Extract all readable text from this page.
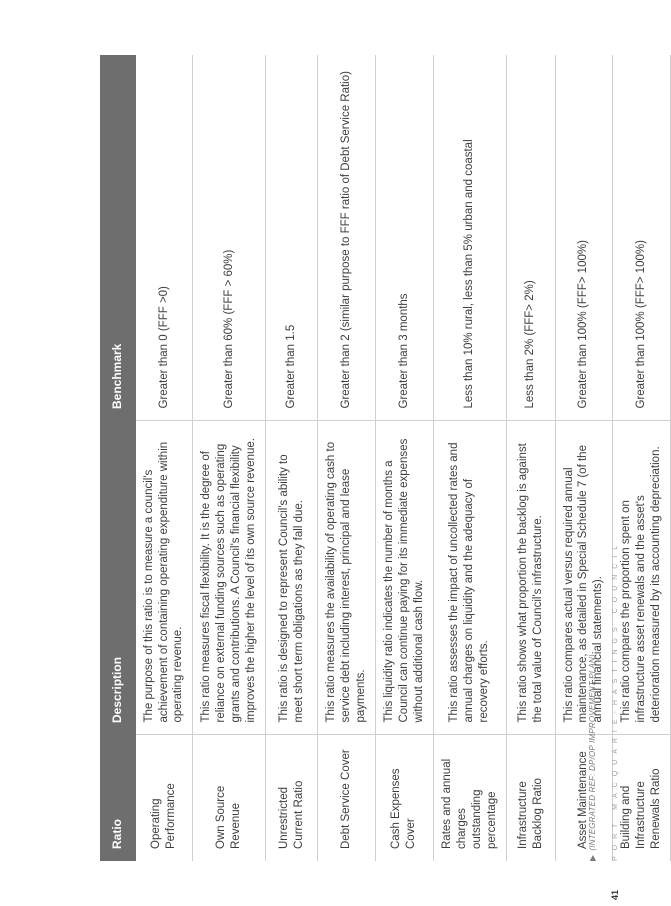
Ratio	Description	Benchmark
Operating Performance	The purpose of this ratio is to measure a council's achievement of containing operating expenditure within operating revenue.	Greater than 0 (FFF >0)
Own Source Revenue	This ratio measures fiscal flexibility. It is the degree of reliance on external funding sources such as operating grants and contributions. A Council's financial flexibility improves the higher the level of its own source revenue.	Greater than 60% (FFF > 60%)
Unrestricted Current Ratio	This ratio is designed to represent Council's ability to meet short term obligations as they fall due.	Greater than 1.5
Debt Service Cover	This ratio measures the availability of operating cash to service debt including interest, principal and lease payments.	Greater than 2 (similar purpose to FFF ratio of Debt Service Ratio)
Cash Expenses Cover	This liquidity ratio indicates the number of months a Council can continue paying for its immediate expenses without additional cash flow.	Greater than 3 months
Rates and annual charges outstanding percentage	This ratio assesses the impact of uncollected rates and annual charges on liquidity and the adequacy of recovery efforts.	Less than 10% rural, less than 5% urban and coastal
Infrastructure Backlog Ratio	This ratio shows what proportion the backlog is against the total value of Council's infrastructure.	Less than 2% (FFF> 2%)
Asset Maintenance	This ratio compares actual versus required annual maintenance, as detailed in Special Schedule 7 (of the annual financial statements).	Greater than 100% (FFF> 100%)
Building and Infrastructure Renewals Ratio	This ratio compares the proportion spent on infrastructure asset renewals and the asset's deterioration measured by its accounting depreciation.	Greater than 100% (FFF> 100%)
▶(INTEGRATED REF: DP/OP IMPROVEMENT PLAN) PORT MACQUARIE-HASTINGS COUNCIL
41
